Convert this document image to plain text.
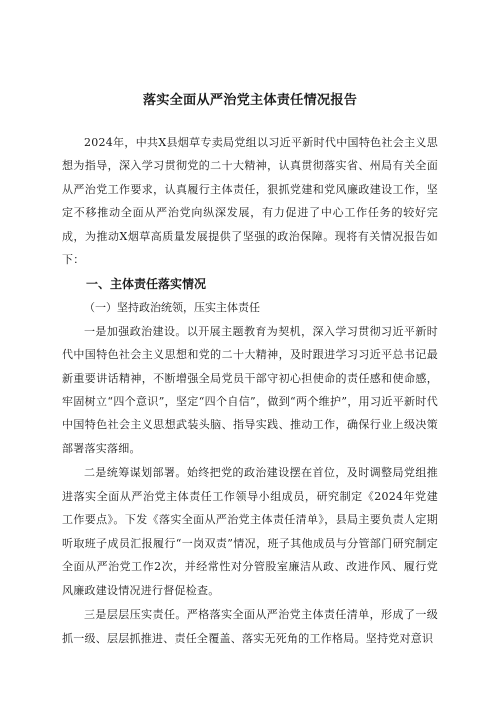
落实全面从严治党主体责任情况报告

2024年，中共X县烟草专卖局党组以习近平新时代中国特色社会主义思想为指导，深入学习贯彻党的二十大精神，认真贯彻落实省、州局有关全面从严治党工作要求，认真履行主体责任，狠抓党建和党风廉政建设工作，坚定不移推动全面从严治党向纵深发展，有力促进了中心工作任务的较好完成，为推动X烟草高质量发展提供了坚强的政治保障。现将有关情况报告如下：

一、主体责任落实情况
（一）坚持政治统领，压实主体责任

一是加强政治建设。以开展主题教育为契机，深入学习贯彻习近平新时代中国特色社会主义思想和党的二十大精神，及时跟进学习习近平总书记最新重要讲话精神，不断增强全局党员干部守初心担使命的责任感和使命感，牢固树立“四个意识”，坚定“四个自信”，做到“两个维护”，用习近平新时代中国特色社会主义思想武装头脑、指导实践、推动工作，确保行业上级决策部署落实落细。

二是统筹谋划部署。始终把党的政治建设摆在首位，及时调整局党组推进落实全面从严治党主体责任工作领导小组成员，研究制定《2024年党建工作要点》。下发《落实全面从严治党主体责任清单》，县局主要负责人定期听取班子成员汇报履行“一岗双责”情况，班子其他成员与分管部门研究制定全面从严治党工作2次，并经常性对分管股室廉洁从政、改进作风、履行党风廉政建设情况进行督促检查。

三是层层压实责任。严格落实全面从严治党主体责任清单，形成了一级抓一级、层层抓推进、责任全覆盖、落实无死角的工作格局。坚持党对意识
